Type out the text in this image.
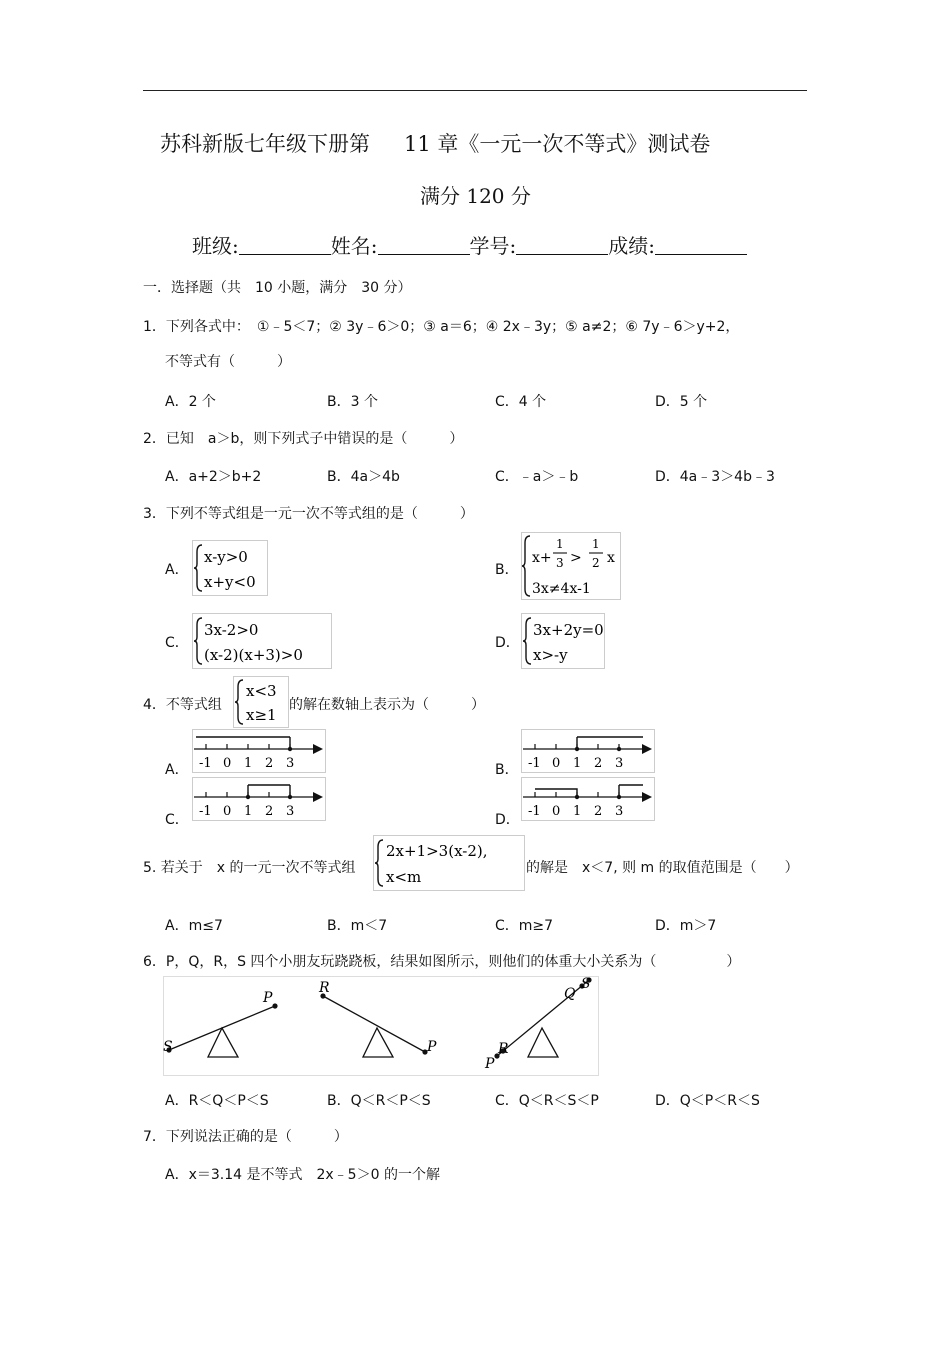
苏科新版七年级下册第 11 章《一元一次不等式》测试卷
满分 120 分
班级:	姓名:	学号:	成绩:
一．选择题（共　10 小题，满分　30 分）
1．下列各式中：　①﹣5＜7；② 3y﹣6＞0；③ a＝6；④ 2x﹣3y；⑤ a≠2；⑥ 7y﹣6＞y+2，
不等式有（　　　）
A．2 个	B．3 个	C．4 个	D．5 个
2．已知　a＞b，则下列式子中错误的是（　　　）
A．a+2＞b+2	B．4a＞4b	C．﹣a＞﹣b	D．4a﹣3＞4b﹣3
3．下列不等式组是一元一次不等式组的是（　　　）
A．
x-y>0
x+y<0
B．
x+
1
3 >
1
2 x
3x≠4x-1
C．
3x-2>0
(x-2)(x+3)>0
D．
3x+2y=0
x>-y
4．不等式组
x<3
x≥1
的解在数轴上表示为（　　　）
A．	B．
C．	D．
-1 0 1 2 3	-1 0 1 2 3
-1 0 1 2 3	-1 0 1 2 3
5. 若关于　x 的一元一次不等式组
2x+1>3(x-2),
x<m	的解是　x＜7, 则 m 的取值范围是（　　）
A．m≤7	B．m＜7	C．m≥7	D．m＞7
6．P，Q，R，S 四个小朋友玩跷跷板，结果如图所示，则他们的体重大小关系为（　　　　　）
S
P
R
P
P
R
Q
S
A．R＜Q＜P＜S	B．Q＜R＜P＜S	C．Q＜R＜S＜P	D．Q＜P＜R＜S
7．下列说法正确的是（　　　）
A．x＝3.14 是不等式　2x﹣5＞0 的一个解
